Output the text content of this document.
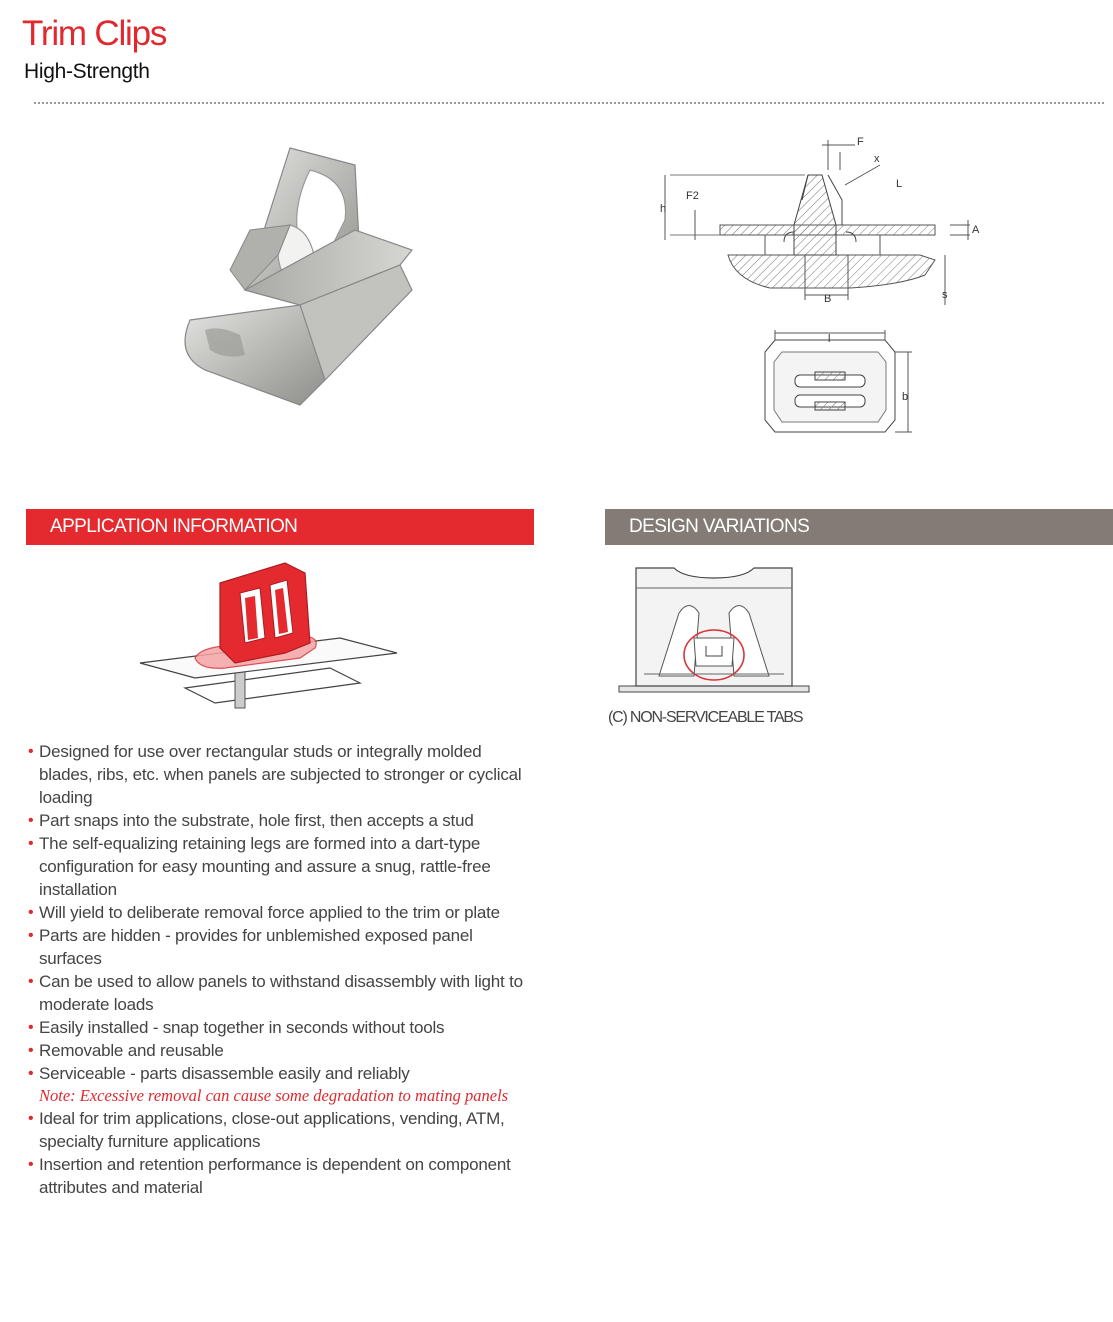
Trim Clips
High-Strength
F
x
L
F2
h
A
B	s
l
b
APPLICATION INFORMATION	DESIGN VARIATIONS
(C) NON-SERVICEABLE TABS
• Designed for use over rectangular studs or integrally molded blades, ribs, etc. when panels are subjected to stronger or cyclical loading
• Part snaps into the substrate, hole first, then accepts a stud
• The self-equalizing retaining legs are formed into a dart-type configuration for easy mounting and assure a snug, rattle-free installation
• Will yield to deliberate removal force applied to the trim or plate
• Parts are hidden - provides for unblemished exposed panel surfaces
• Can be used to allow panels to withstand disassembly with light to moderate loads
• Easily installed - snap together in seconds without tools
• Removable and reusable
• Serviceable - parts disassemble easily and reliably
Note: Excessive removal can cause some degradation to mating panels
• Ideal for trim applications, close-out applications, vending, ATM, specialty furniture applications
• Insertion and retention performance is dependent on component attributes and material
